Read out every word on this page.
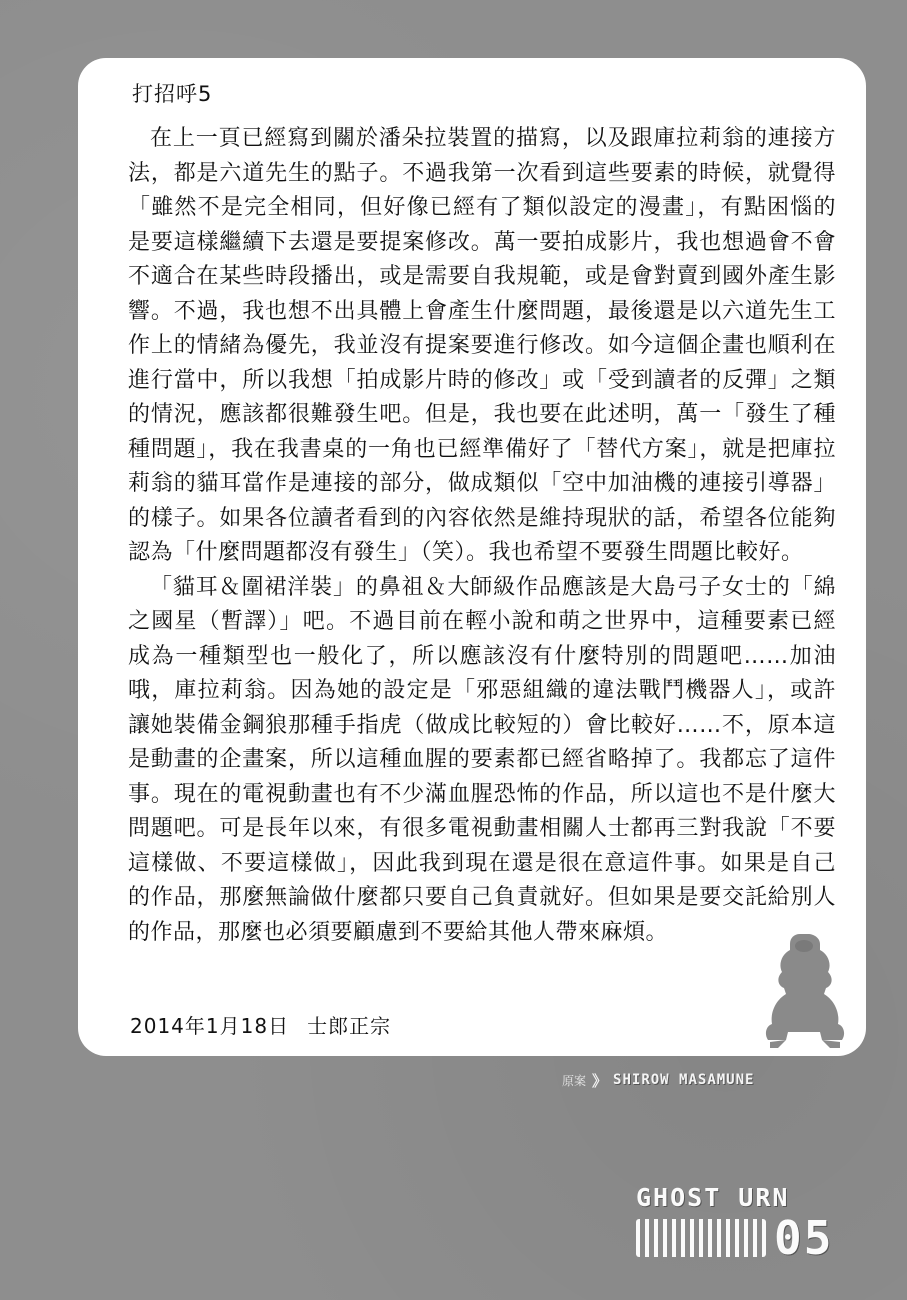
打招呼5

在上一頁已經寫到關於潘朵拉裝置的描寫，以及跟庫拉莉翁的連接方法，都是六道先生的點子。不過我第一次看到這些要素的時候，就覺得「雖然不是完全相同，但好像已經有了類似設定的漫畫」，有點困惱的是要這樣繼續下去還是要提案修改。萬一要拍成影片，我也想過會不會不適合在某些時段播出，或是需要自我規範，或是會對賣到國外產生影響。不過，我也想不出具體上會產生什麼問題，最後還是以六道先生工作上的情緒為優先，我並沒有提案要進行修改。如今這個企畫也順利在進行當中，所以我想「拍成影片時的修改」或「受到讀者的反彈」之類的情況，應該都很難發生吧。但是，我也要在此述明，萬一「發生了種種問題」，我在我書桌的一角也已經準備好了「替代方案」，就是把庫拉莉翁的貓耳當作是連接的部分，做成類似「空中加油機的連接引導器」的樣子。如果各位讀者看到的內容依然是維持現狀的話，希望各位能夠認為「什麼問題都沒有發生」（笑）。我也希望不要發生問題比較好。

「貓耳＆圍裙洋裝」的鼻祖＆大師級作品應該是大島弓子女士的「綿之國星（暫譯）」吧。不過目前在輕小說和萌之世界中，這種要素已經成為一種類型也一般化了，所以應該沒有什麼特別的問題吧……加油哦，庫拉莉翁。因為她的設定是「邪惡組織的違法戰鬥機器人」，或許讓她裝備金鋼狼那種手指虎（做成比較短的）會比較好……不，原本這是動畫的企畫案，所以這種血腥的要素都已經省略掉了。我都忘了這件事。現在的電視動畫也有不少滿血腥恐怖的作品，所以這也不是什麼大問題吧。可是長年以來，有很多電視動畫相關人士都再三對我說「不要這樣做、不要這樣做」，因此我到現在還是很在意這件事。如果是自己的作品，那麼無論做什麼都只要自己負責就好。但如果是要交託給別人的作品，那麼也必須要顧慮到不要給其他人帶來麻煩。

2014年1月18日 士郎正宗
原案 》 SHIROW MASAMUNE
GHOST URN
05
